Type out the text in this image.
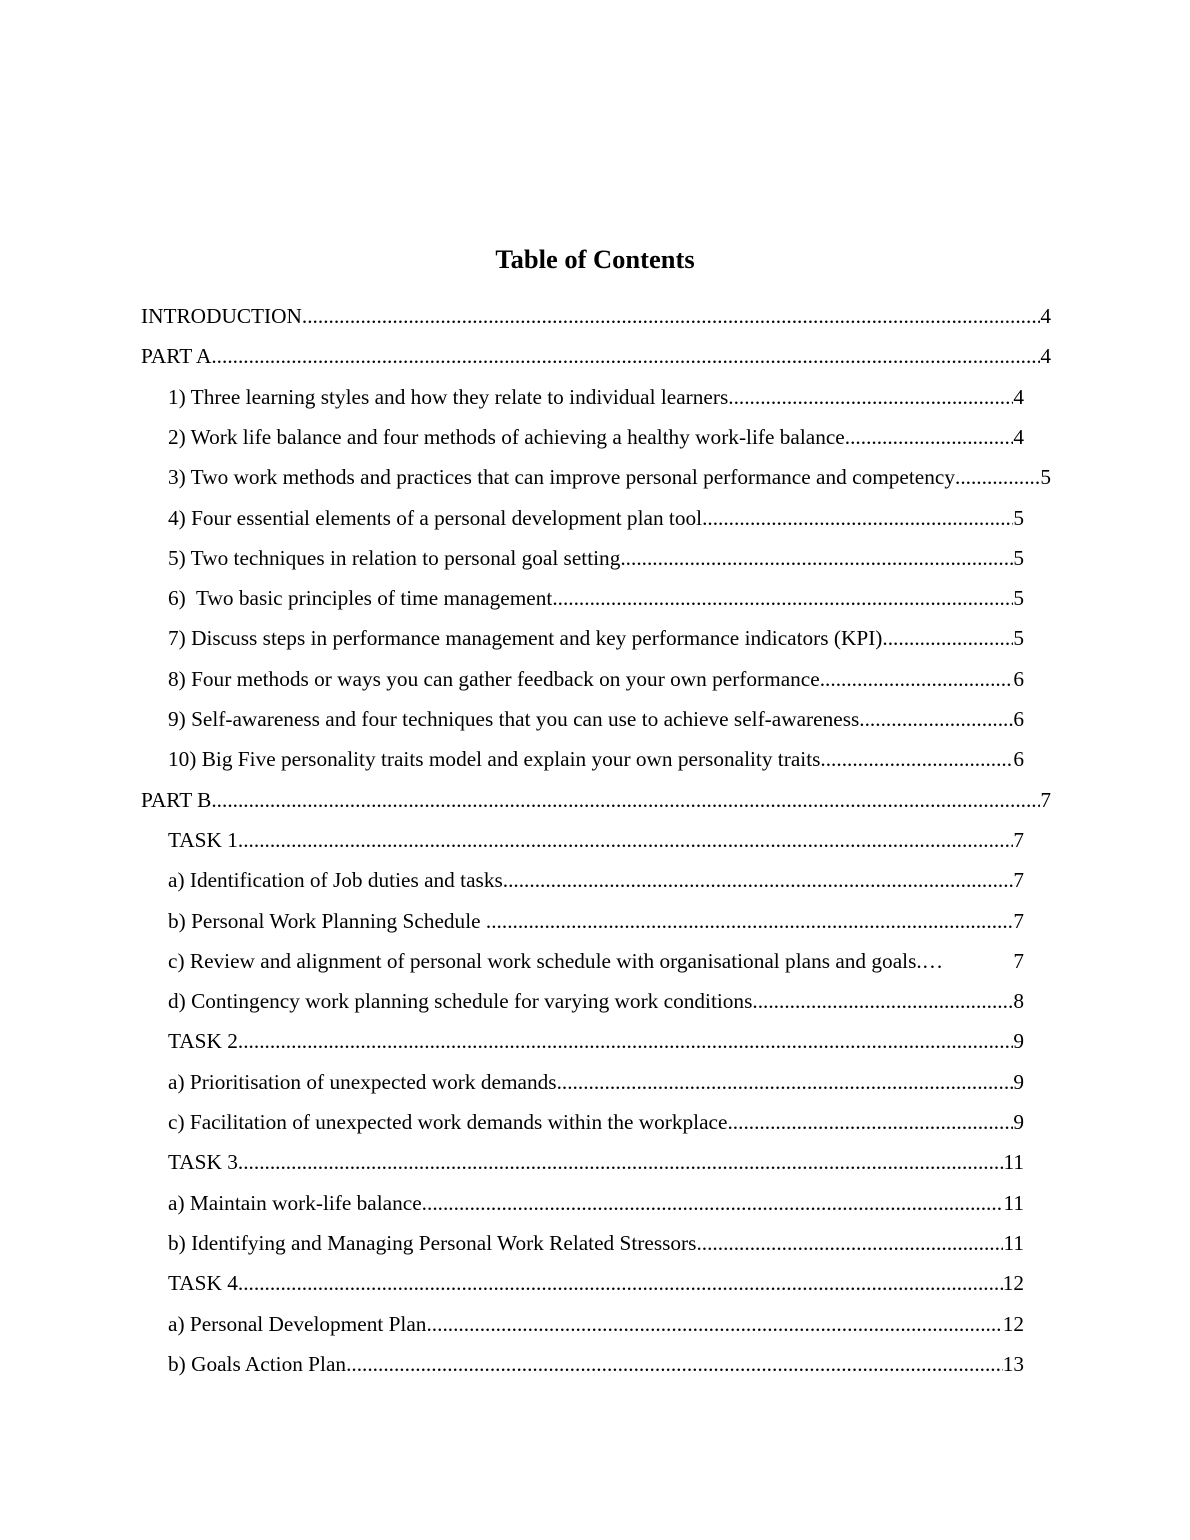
Table of Contents
INTRODUCTION .....	4
PART A .....	4
1) Three learning styles and how they relate to individual learners .....	4
2) Work life balance and four methods of achieving a healthy work-life balance .....	4
3) Two work methods and practices that can improve personal performance and competency .....	5
4) Four essential elements of a personal development plan tool .....	5
5) Two techniques in relation to personal goal setting .....	5
6)  Two basic principles of time management .....	5
7) Discuss steps in performance management and key performance indicators (KPI) .....	5
8) Four methods or ways you can gather feedback on your own performance .....	6
9) Self-awareness and four techniques that you can use to achieve self-awareness .....	6
10) Big Five personality traits model and explain your own personality traits .....	6
PART B .....	7
TASK 1 .....	7
a) Identification of Job duties and tasks .....	7
b) Personal Work Planning Schedule .....	7
c) Review and alignment of personal work schedule with organisational plans and goals. …	7
d) Contingency work planning schedule for varying work conditions .....	8
TASK 2 .....	9
a) Prioritisation of unexpected work demands .....	9
c) Facilitation of unexpected work demands within the workplace .....	9
TASK 3 .....	11
a) Maintain work-life balance .....	11
b) Identifying and Managing Personal Work Related Stressors .....	11
TASK 4 .....	12
a) Personal Development Plan .....	12
b) Goals Action Plan .....	13
